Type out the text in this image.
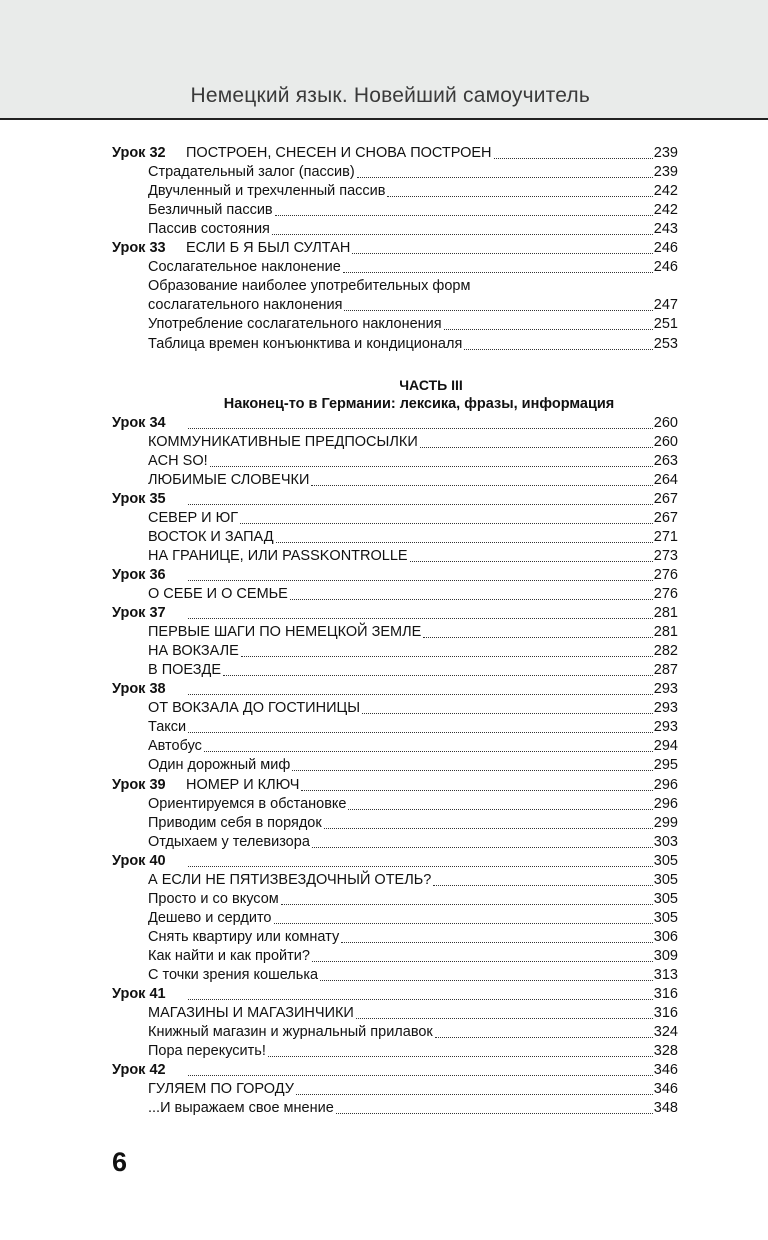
Немецкий язык. Новейший самоучитель
Урок 32	ПОСТРОЕН, СНЕСЕН И СНОВА ПОСТРОЕН	239
Страдательный залог (пассив)	239
Двучленный и трехчленный пассив	242
Безличный пассив	242
Пассив состояния	243
Урок 33	ЕСЛИ Б Я БЫЛ СУЛТАН	246
Сослагательное наклонение	246
Образование наиболее употребительных форм
сослагательного наклонения	247
Употребление сослагательного наклонения	251
Таблица времен конъюнктива и кондиционаля	253
ЧАСТЬ III
Наконец-то в Германии: лексика, фразы, информация
Урок 34	260
КОММУНИКАТИВНЫЕ ПРЕДПОСЫЛКИ	260
ACH SO!	263
ЛЮБИМЫЕ СЛОВЕЧКИ	264
Урок 35	267
СЕВЕР И ЮГ	267
ВОСТОК И ЗАПАД	271
НА ГРАНИЦЕ, ИЛИ PASSKONTROLLE	273
Урок 36	276
О СЕБЕ И О СЕМЬЕ	276
Урок 37	281
ПЕРВЫЕ ШАГИ ПО НЕМЕЦКОЙ ЗЕМЛЕ	281
НА ВОКЗАЛЕ	282
В ПОЕЗДЕ	287
Урок 38	293
ОТ ВОКЗАЛА ДО ГОСТИНИЦЫ	293
Такси	293
Автобус	294
Один дорожный миф	295
Урок 39	НОМЕР И КЛЮЧ	296
Ориентируемся в обстановке	296
Приводим себя в порядок	299
Отдыхаем у телевизора	303
Урок 40	305
А ЕСЛИ НЕ ПЯТИЗВЕЗДОЧНЫЙ ОТЕЛЬ?	305
Просто и со вкусом	305
Дешево и сердито	305
Снять квартиру или комнату	306
Как найти и как пройти?	309
С точки зрения кошелька	313
Урок 41	316
МАГАЗИНЫ И МАГАЗИНЧИКИ	316
Книжный магазин и журнальный прилавок	324
Пора перекусить!	328
Урок 42	346
ГУЛЯЕМ ПО ГОРОДУ	346
...И выражаем свое мнение	348
6
